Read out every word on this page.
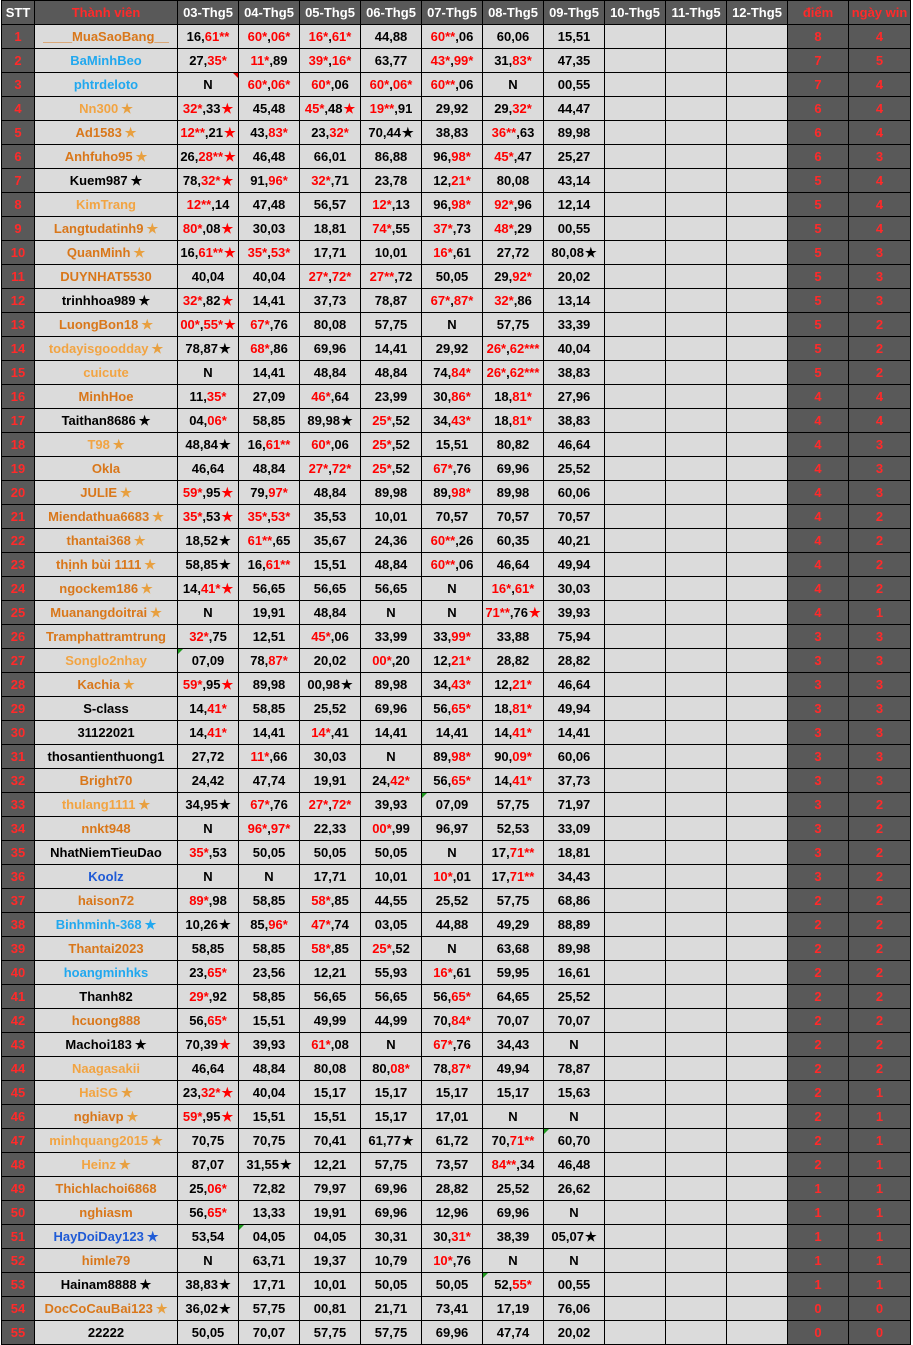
STT	Thành viên	03-Thg5	04-Thg5	05-Thg5	06-Thg5	07-Thg5	08-Thg5	09-Thg5	10-Thg5	11-Thg5	12-Thg5	điểm	ngày win
1	____MuaSaoBang__	16,61**	60*,06*	16*,61*	44,88	60**,06	60,06	15,51				8	4
2	BaMinhBeo	27,35*	11*,89	39*,16*	63,77	43*,99*	31,83*	47,35				7	5
3	phtrdeloto	N	60*,06*	60*,06	60*,06*	60**,06	N	00,55				7	4
4	Nn300 ★	32*,33 ★	45,48	45*,48 ★	19**,91	29,92	29,32*	44,47				6	4
5	Ad1583 ★	12**,21 ★	43,83*	23,32*	70,44 ★	38,83	36**,63	89,98				6	4
6	Anhfuho95 ★	26,28** ★	46,48	66,01	86,88	96,98*	45*,47	25,27				6	3
7	Kuem987 ★	78,32* ★	91,96*	32*,71	23,78	12,21*	80,08	43,14				5	4
8	KimTrang	12**,14	47,48	56,57	12*,13	96,98*	92*,96	12,14				5	4
9	Langtudatinh9 ★	80*,08 ★	30,03	18,81	74*,55	37*,73	48*,29	00,55				5	4
10	QuanMinh ★	16,61** ★	35*,53*	17,71	10,01	16*,61	27,72	80,08 ★				5	3
11	DUYNHAT5530	40,04	40,04	27*,72*	27**,72	50,05	29,92*	20,02				5	3
12	trinhhoa989 ★	32*,82 ★	14,41	37,73	78,87	67*,87*	32*,86	13,14				5	3
13	LuongBon18 ★	00*,55* ★	67*,76	80,08	57,75	N	57,75	33,39				5	2
14	todayisgoodday ★	78,87 ★	68*,86	69,96	14,41	29,92	26*,62***	40,04				5	2
15	cuicute	N	14,41	48,84	48,84	74,84*	26*,62***	38,83				5	2
16	MinhHoe	11,35*	27,09	46*,64	23,99	30,86*	18,81*	27,96				4	4
17	Taithan8686 ★	04,06*	58,85	89,98 ★	25*,52	34,43*	18,81*	38,83				4	4
18	T98 ★	48,84 ★	16,61**	60*,06	25*,52	15,51	80,82	46,64				4	3
19	Okla	46,64	48,84	27*,72*	25*,52	67*,76	69,96	25,52				4	3
20	JULIE ★	59*,95 ★	79,97*	48,84	89,98	89,98*	89,98	60,06				4	3
21	Miendathua6683 ★	35*,53 ★	35*,53*	35,53	10,01	70,57	70,57	70,57				4	2
22	thantai368 ★	18,52 ★	61**,65	35,67	24,36	60**,26	60,35	40,21				4	2
23	thịnh bùi 1111 ★	58,85 ★	16,61**	15,51	48,84	60**,06	46,64	49,94				4	2
24	ngockem186 ★	14,41* ★	56,65	56,65	56,65	N	16*,61*	30,03				4	2
25	Muanangdoitrai ★	N	19,91	48,84	N	N	71**,76 ★	39,93				4	1
26	Tramphattramtrung	32*,75	12,51	45*,06	33,99	33,99*	33,88	75,94				3	3
27	Songlo2nhay	07,09	78,87*	20,02	00*,20	12,21*	28,82	28,82				3	3
28	Kachia ★	59*,95 ★	89,98	00,98 ★	89,98	34,43*	12,21*	46,64				3	3
29	S-class	14,41*	58,85	25,52	69,96	56,65*	18,81*	49,94				3	3
30	31122021	14,41*	14,41	14*,41	14,41	14,41	14,41*	14,41				3	3
31	thosantienthuong1	27,72	11*,66	30,03	N	89,98*	90,09*	60,06				3	3
32	Bright70	24,42	47,74	19,91	24,42*	56,65*	14,41*	37,73				3	3
33	thulang1111 ★	34,95 ★	67*,76	27*,72*	39,93	07,09	57,75	71,97				3	2
34	nnkt948	N	96*,97*	22,33	00*,99	96,97	52,53	33,09				3	2
35	NhatNiemTieuDao	35*,53	50,05	50,05	50,05	N	17,71**	18,81				3	2
36	Koolz	N	N	17,71	10,01	10*,01	17,71**	34,43				3	2
37	haison72	89*,98	58,85	58*,85	44,55	25,52	57,75	68,86				2	2
38	Binhminh-368 ★	10,26 ★	85,96*	47*,74	03,05	44,88	49,29	88,89				2	2
39	Thantai2023	58,85	58,85	58*,85	25*,52	N	63,68	89,98				2	2
40	hoangminhks	23,65*	23,56	12,21	55,93	16*,61	59,95	16,61				2	2
41	Thanh82	29*,92	58,85	56,65	56,65	56,65*	64,65	25,52				2	2
42	hcuong888	56,65*	15,51	49,99	44,99	70,84*	70,07	70,07				2	2
43	Machoi183 ★	70,39 ★	39,93	61*,08	N	67*,76	34,43	N				2	2
44	Naagasakii	46,64	48,84	80,08	80,08*	78,87*	49,94	78,87				2	2
45	HaiSG ★	23,32* ★	40,04	15,17	15,17	15,17	15,17	15,63				2	1
46	nghiavp ★	59*,95 ★	15,51	15,51	15,17	17,01	N	N				2	1
47	minhquang2015 ★	70,75	70,75	70,41	61,77 ★	61,72	70,71**	60,70				2	1
48	Heinz ★	87,07	31,55 ★	12,21	57,75	73,57	84**,34	46,48				2	1
49	Thichlachoi6868	25,06*	72,82	79,97	69,96	28,82	25,52	26,62				1	1
50	nghiasm	56,65*	13,33	19,91	69,96	12,96	69,96	N				1	1
51	HayDoiDay123 ★	53,54	04,05	04,05	30,31	30,31*	38,39	05,07 ★				1	1
52	himle79	N	63,71	19,37	10,79	10*,76	N	N				1	1
53	Hainam8888 ★	38,83 ★	17,71	10,01	50,05	50,05	52,55*	00,55				1	1
54	DocCoCauBai123 ★	36,02 ★	57,75	00,81	21,71	73,41	17,19	76,06				0	0
55	22222	50,05	70,07	57,75	57,75	69,96	47,74	20,02				0	0
